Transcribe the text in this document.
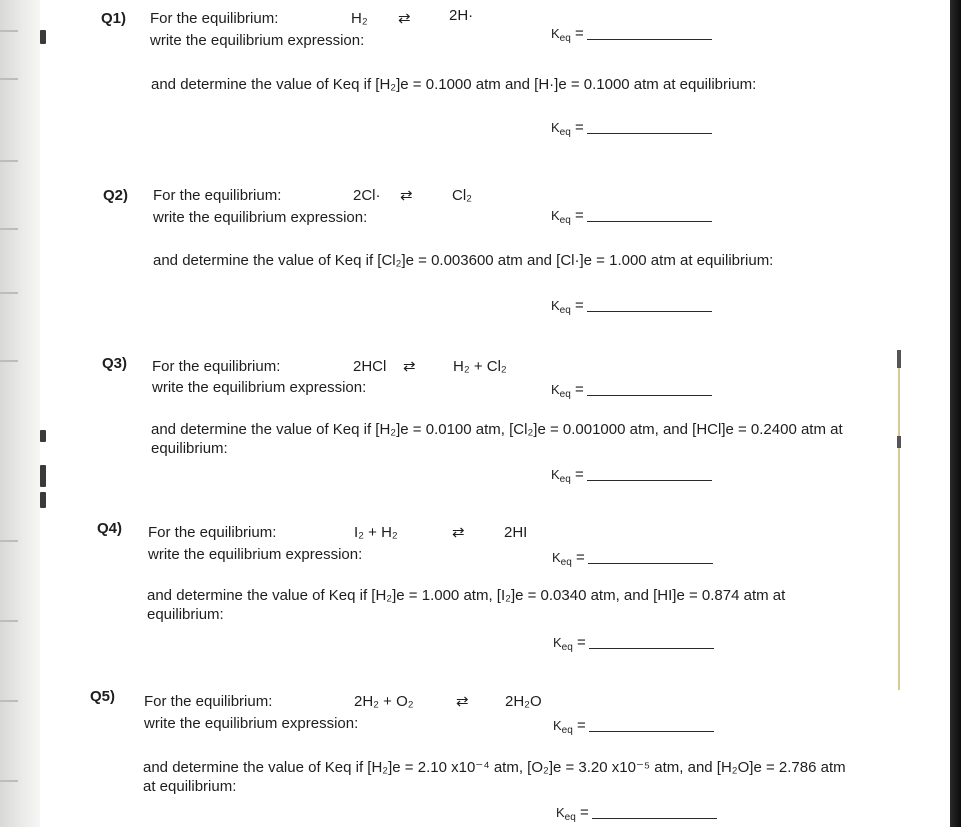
Q1) For the equilibrium:	H₂ ⇄	2H·
write the equilibrium expression:	$K_{eq}$ =
and determine the value of Keq if [H₂]e = 0.1000 atm and [H·]e = 0.1000 atm at equilibrium:
$K_{eq}$ =
Q2) For the equilibrium:	2Cl· ⇄	Cl₂
write the equilibrium expression:	$K_{eq}$ =
and determine the value of Keq if [Cl₂]e = 0.003600 atm and [Cl·]e = 1.000 atm at equilibrium:
$K_{eq}$ =
Q3) For the equilibrium:	2HCl ⇄ H₂ + Cl₂
write the equilibrium expression:	$K_{eq}$ =
and determine the value of Keq if [H₂]e = 0.0100 atm, [Cl₂]e = 0.001000 atm, and [HCl]e = 0.2400 atm at equilibrium:
$K_{eq}$ =
Q4) For the equilibrium:	I₂ + H₂	⇄	2HI
write the equilibrium expression:	$K_{eq}$ =
and determine the value of Keq if [H₂]e = 1.000 atm, [I₂]e = 0.0340 atm, and [HI]e = 0.874 atm at equilibrium:
$K_{eq}$ =
Q5) For the equilibrium:	2H₂ + O₂	⇄ 2H₂O
write the equilibrium expression:	$K_{eq}$ =
and determine the value of Keq if [H₂]e = 2.10 x10⁻⁴ atm, [O₂]e = 3.20 x10⁻⁵ atm, and [H₂O]e = 2.786 atm at equilibrium:
$K_{eq}$ =
